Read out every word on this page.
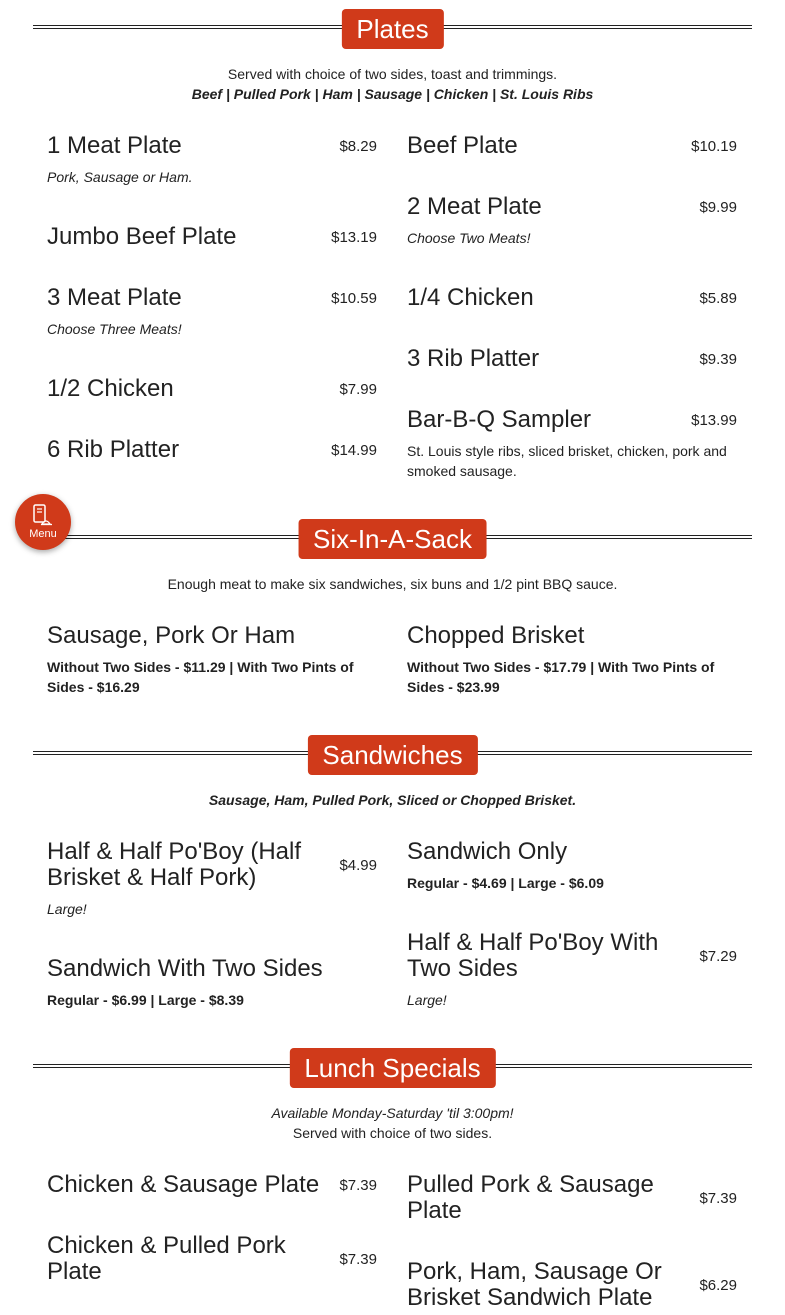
Plates
Served with choice of two sides, toast and trimmings.
Beef | Pulled Pork | Ham | Sausage | Chicken | St. Louis Ribs
1 Meat Plate	$8.29
Pork, Sausage or Ham.
Jumbo Beef Plate	$13.19
3 Meat Plate	$10.59
Choose Three Meats!
1/2 Chicken	$7.99
6 Rib Platter	$14.99
Beef Plate	$10.19
2 Meat Plate	$9.99
Choose Two Meats!
1/4 Chicken	$5.89
3 Rib Platter	$9.39
Bar-B-Q Sampler	$13.99
St. Louis style ribs, sliced brisket, chicken, pork and smoked sausage.
Six-In-A-Sack
Enough meat to make six sandwiches, six buns and 1/2 pint BBQ sauce.
Sausage, Pork Or Ham
Without Two Sides - $11.29 | With Two Pints of Sides - $16.29
Chopped Brisket
Without Two Sides - $17.79 | With Two Pints of Sides - $23.99
Sandwiches
Sausage, Ham, Pulled Pork, Sliced or Chopped Brisket.
Half & Half Po'Boy (Half Brisket & Half Pork)	$4.99
Large!
Sandwich With Two Sides
Regular - $6.99 | Large - $8.39
Sandwich Only
Regular - $4.69 | Large - $6.09
Half & Half Po'Boy With Two Sides	$7.29
Large!
Lunch Specials
Available Monday-Saturday 'til 3:00pm!
Served with choice of two sides.
Chicken & Sausage Plate	$7.39
Chicken & Pulled Pork Plate	$7.39
Pulled Pork & Sausage Plate	$7.39
Pork, Ham, Sausage Or Brisket Sandwich Plate	$6.29
Menu
